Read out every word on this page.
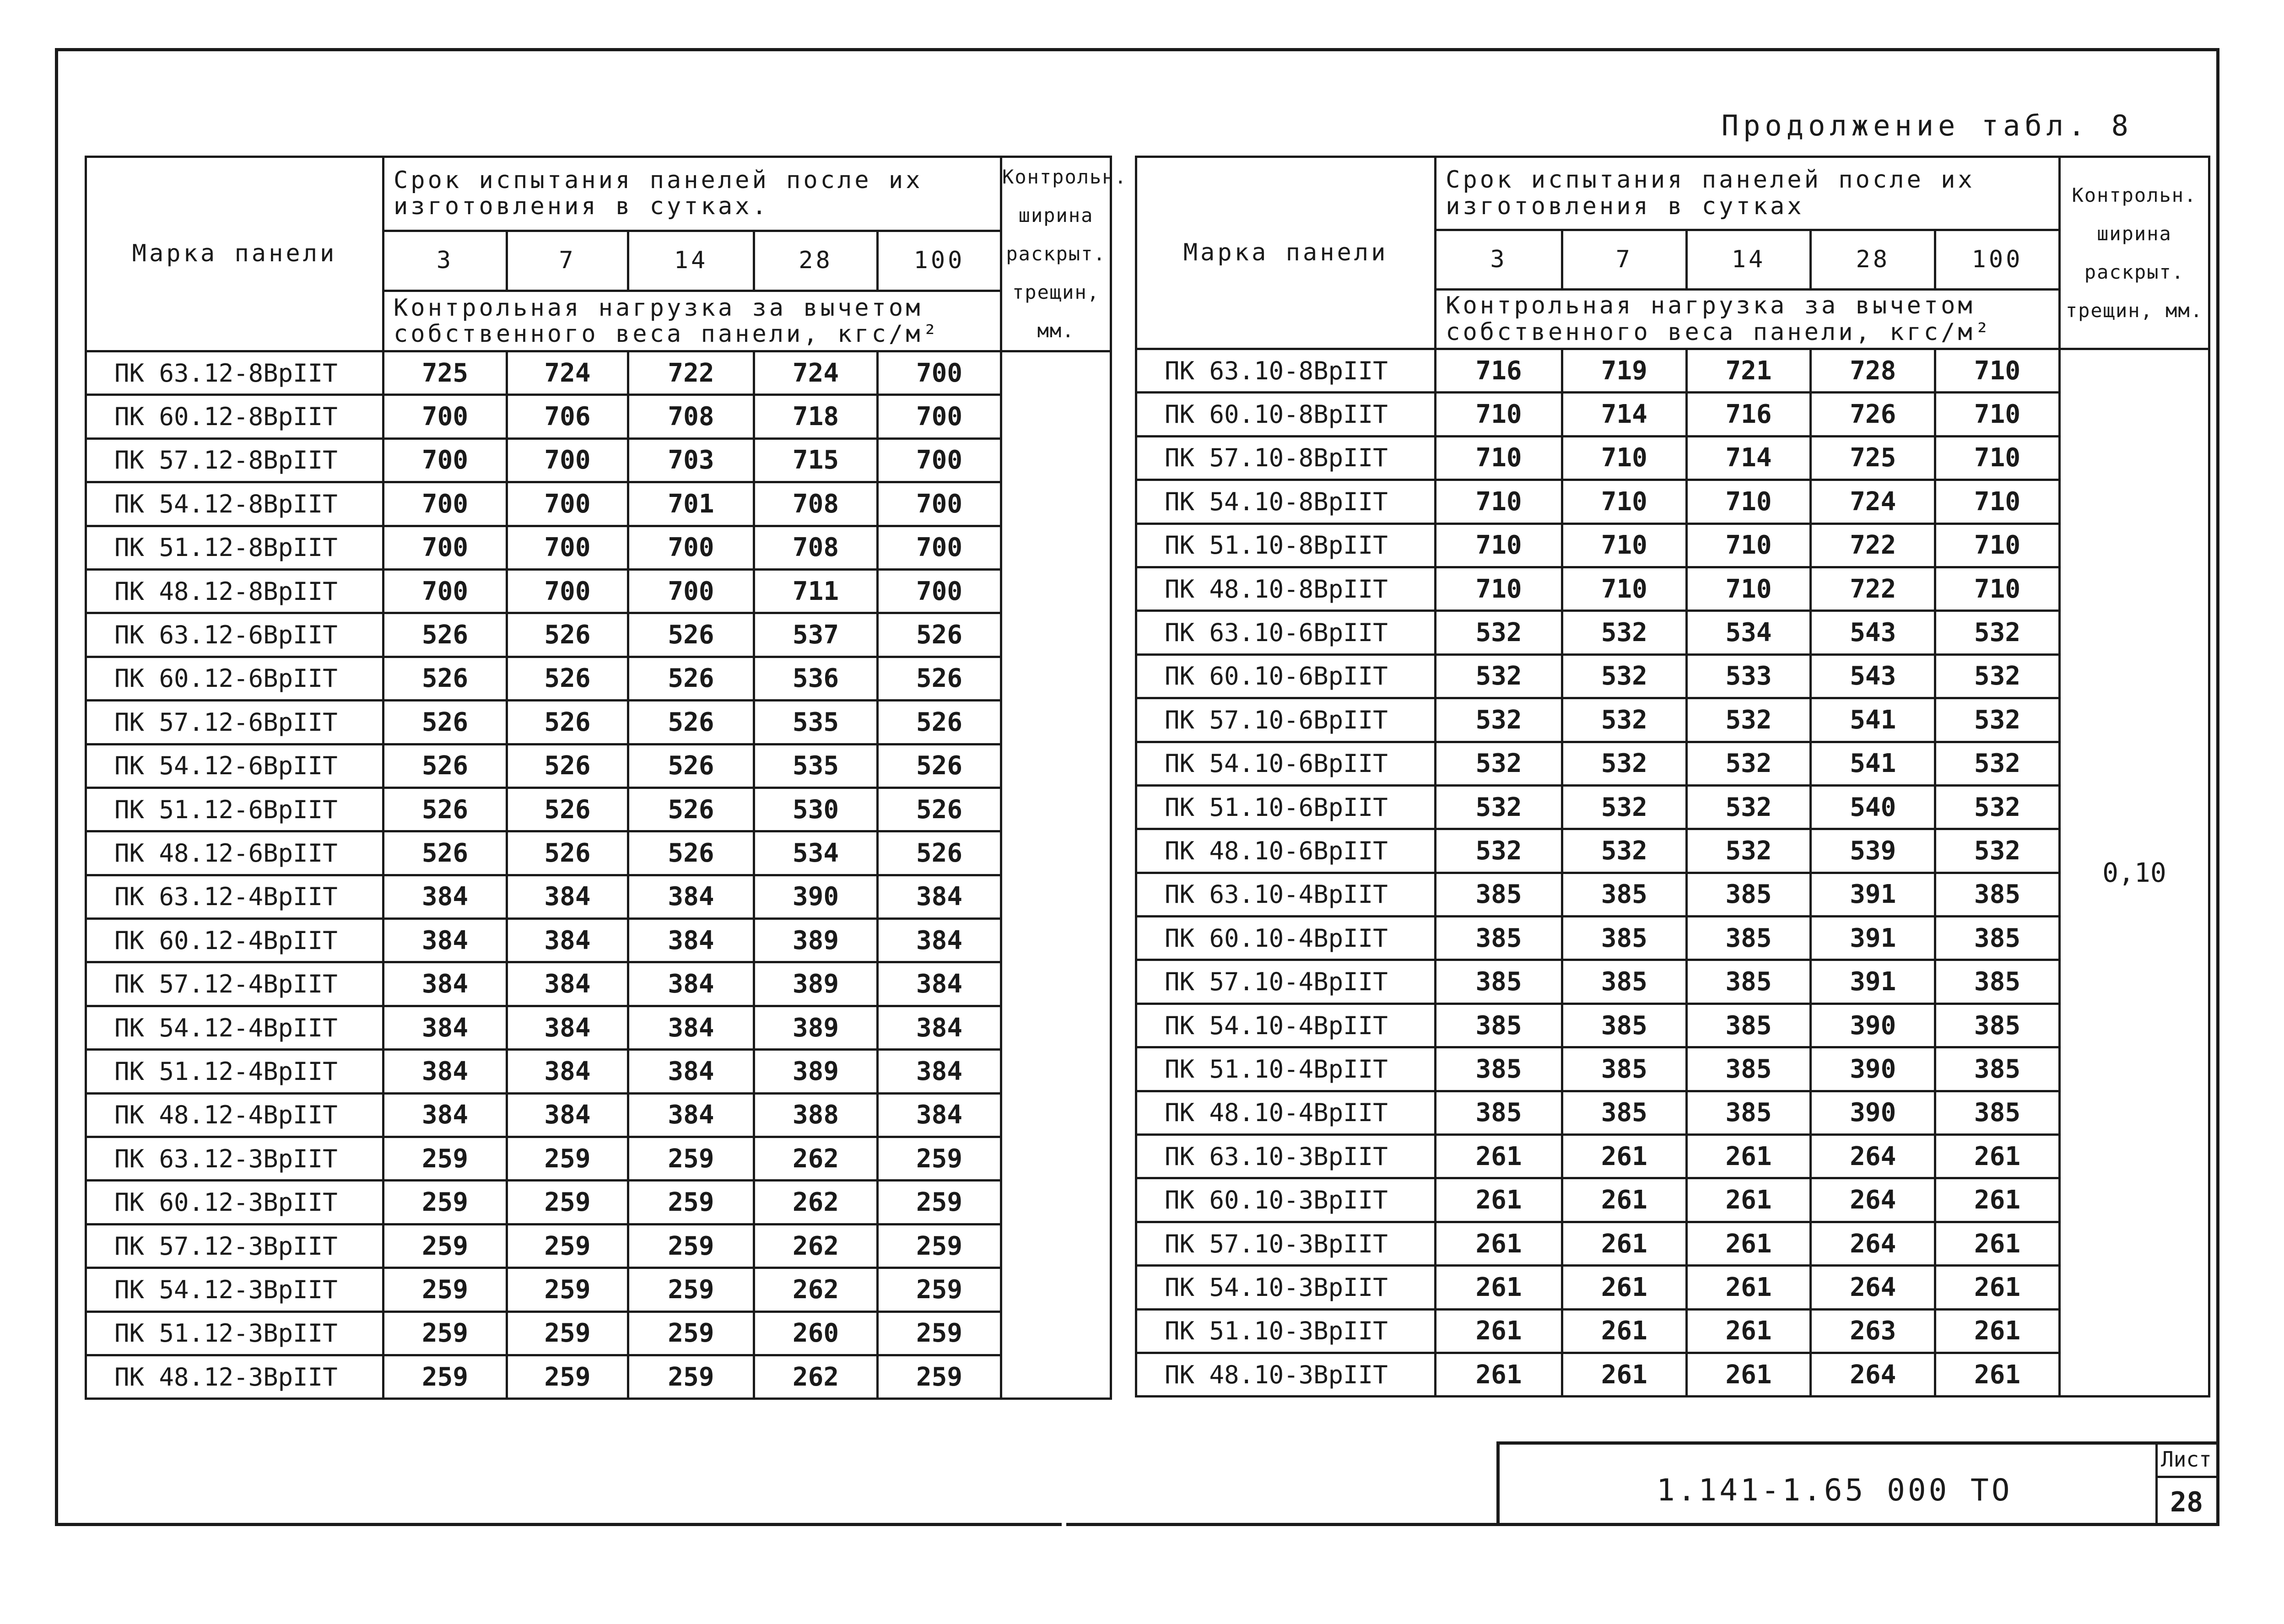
Продолжение табл. 8
Марка панели	Срок испытания панелей после их изготовления в сутках.					Контрольн. ширина раскрыт. трещин, мм.	
	3	7	14	28	100		
	Контрольная нагрузка за вычетом собственного веса панели, кгс/м²						
ПК 63.12-8ВрIIТ	725	724	722	724	700		
ПК 60.12-8ВрIIТ	700	706	708	718	700		
ПК 57.12-8ВрIIТ	700	700	703	715	700		
ПК 54.12-8ВрIIТ	700	700	701	708	700		
ПК 51.12-8ВрIIТ	700	700	700	708	700		
ПК 48.12-8ВрIIТ	700	700	700	711	700		
ПК 63.12-6ВрIIТ	526	526	526	537	526		
ПК 60.12-6ВрIIТ	526	526	526	536	526		
ПК 57.12-6ВрIIТ	526	526	526	535	526		
ПК 54.12-6ВрIIТ	526	526	526	535	526		
ПК 51.12-6ВрIIТ	526	526	526	530	526		
ПК 48.12-6ВрIIТ	526	526	526	534	526		
ПК 63.12-4ВрIIТ	384	384	384	390	384		
ПК 60.12-4ВрIIТ	384	384	384	389	384		
ПК 57.12-4ВрIIТ	384	384	384	389	384		
ПК 54.12-4ВрIIТ	384	384	384	389	384		
ПК 51.12-4ВрIIТ	384	384	384	389	384		
ПК 48.12-4ВрIIТ	384	384	384	388	384		
ПК 63.12-3ВрIIТ	259	259	259	262	259		
ПК 60.12-3ВрIIТ	259	259	259	262	259		
ПК 57.12-3ВрIIТ	259	259	259	262	259		
ПК 54.12-3ВрIIТ	259	259	259	262	259		
ПК 51.12-3ВрIIТ	259	259	259	260	259		
ПК 48.12-3ВрIIТ	259	259	259	262	259		
Марка панели	Срок испытания панелей после их изготовления в сутках					Контрольн. ширина раскрыт. трещин, мм.
	3	7	14	28	100	
	Контрольная нагрузка за вычетом собственного веса панели, кгс/м²					
ПК 63.10-8ВрIIТ	716	719	721	728	710	0,10
ПК 60.10-8ВрIIТ	710	714	716	726	710	
ПК 57.10-8ВрIIТ	710	710	714	725	710	
ПК 54.10-8ВрIIТ	710	710	710	724	710	
ПК 51.10-8ВрIIТ	710	710	710	722	710	
ПК 48.10-8ВрIIТ	710	710	710	722	710	
ПК 63.10-6ВрIIТ	532	532	534	543	532	
ПК 60.10-6ВрIIТ	532	532	533	543	532	
ПК 57.10-6ВрIIТ	532	532	532	541	532	
ПК 54.10-6ВрIIТ	532	532	532	541	532	
ПК 51.10-6ВрIIТ	532	532	532	540	532	
ПК 48.10-6ВрIIТ	532	532	532	539	532	
ПК 63.10-4ВрIIТ	385	385	385	391	385	
ПК 60.10-4ВрIIТ	385	385	385	391	385	
ПК 57.10-4ВрIIТ	385	385	385	391	385	
ПК 54.10-4ВрIIТ	385	385	385	390	385	
ПК 51.10-4ВрIIТ	385	385	385	390	385	
ПК 48.10-4ВрIIТ	385	385	385	390	385	
ПК 63.10-3ВрIIТ	261	261	261	264	261	
ПК 60.10-3ВрIIТ	261	261	261	264	261	
ПК 57.10-3ВрIIТ	261	261	261	264	261	
ПК 54.10-3ВрIIТ	261	261	261	264	261	
ПК 51.10-3ВрIIТ	261	261	261	263	261	
ПК 48.10-3ВрIIТ	261	261	261	264	261	
1.141-1.65 000 ТО
Лист
28
